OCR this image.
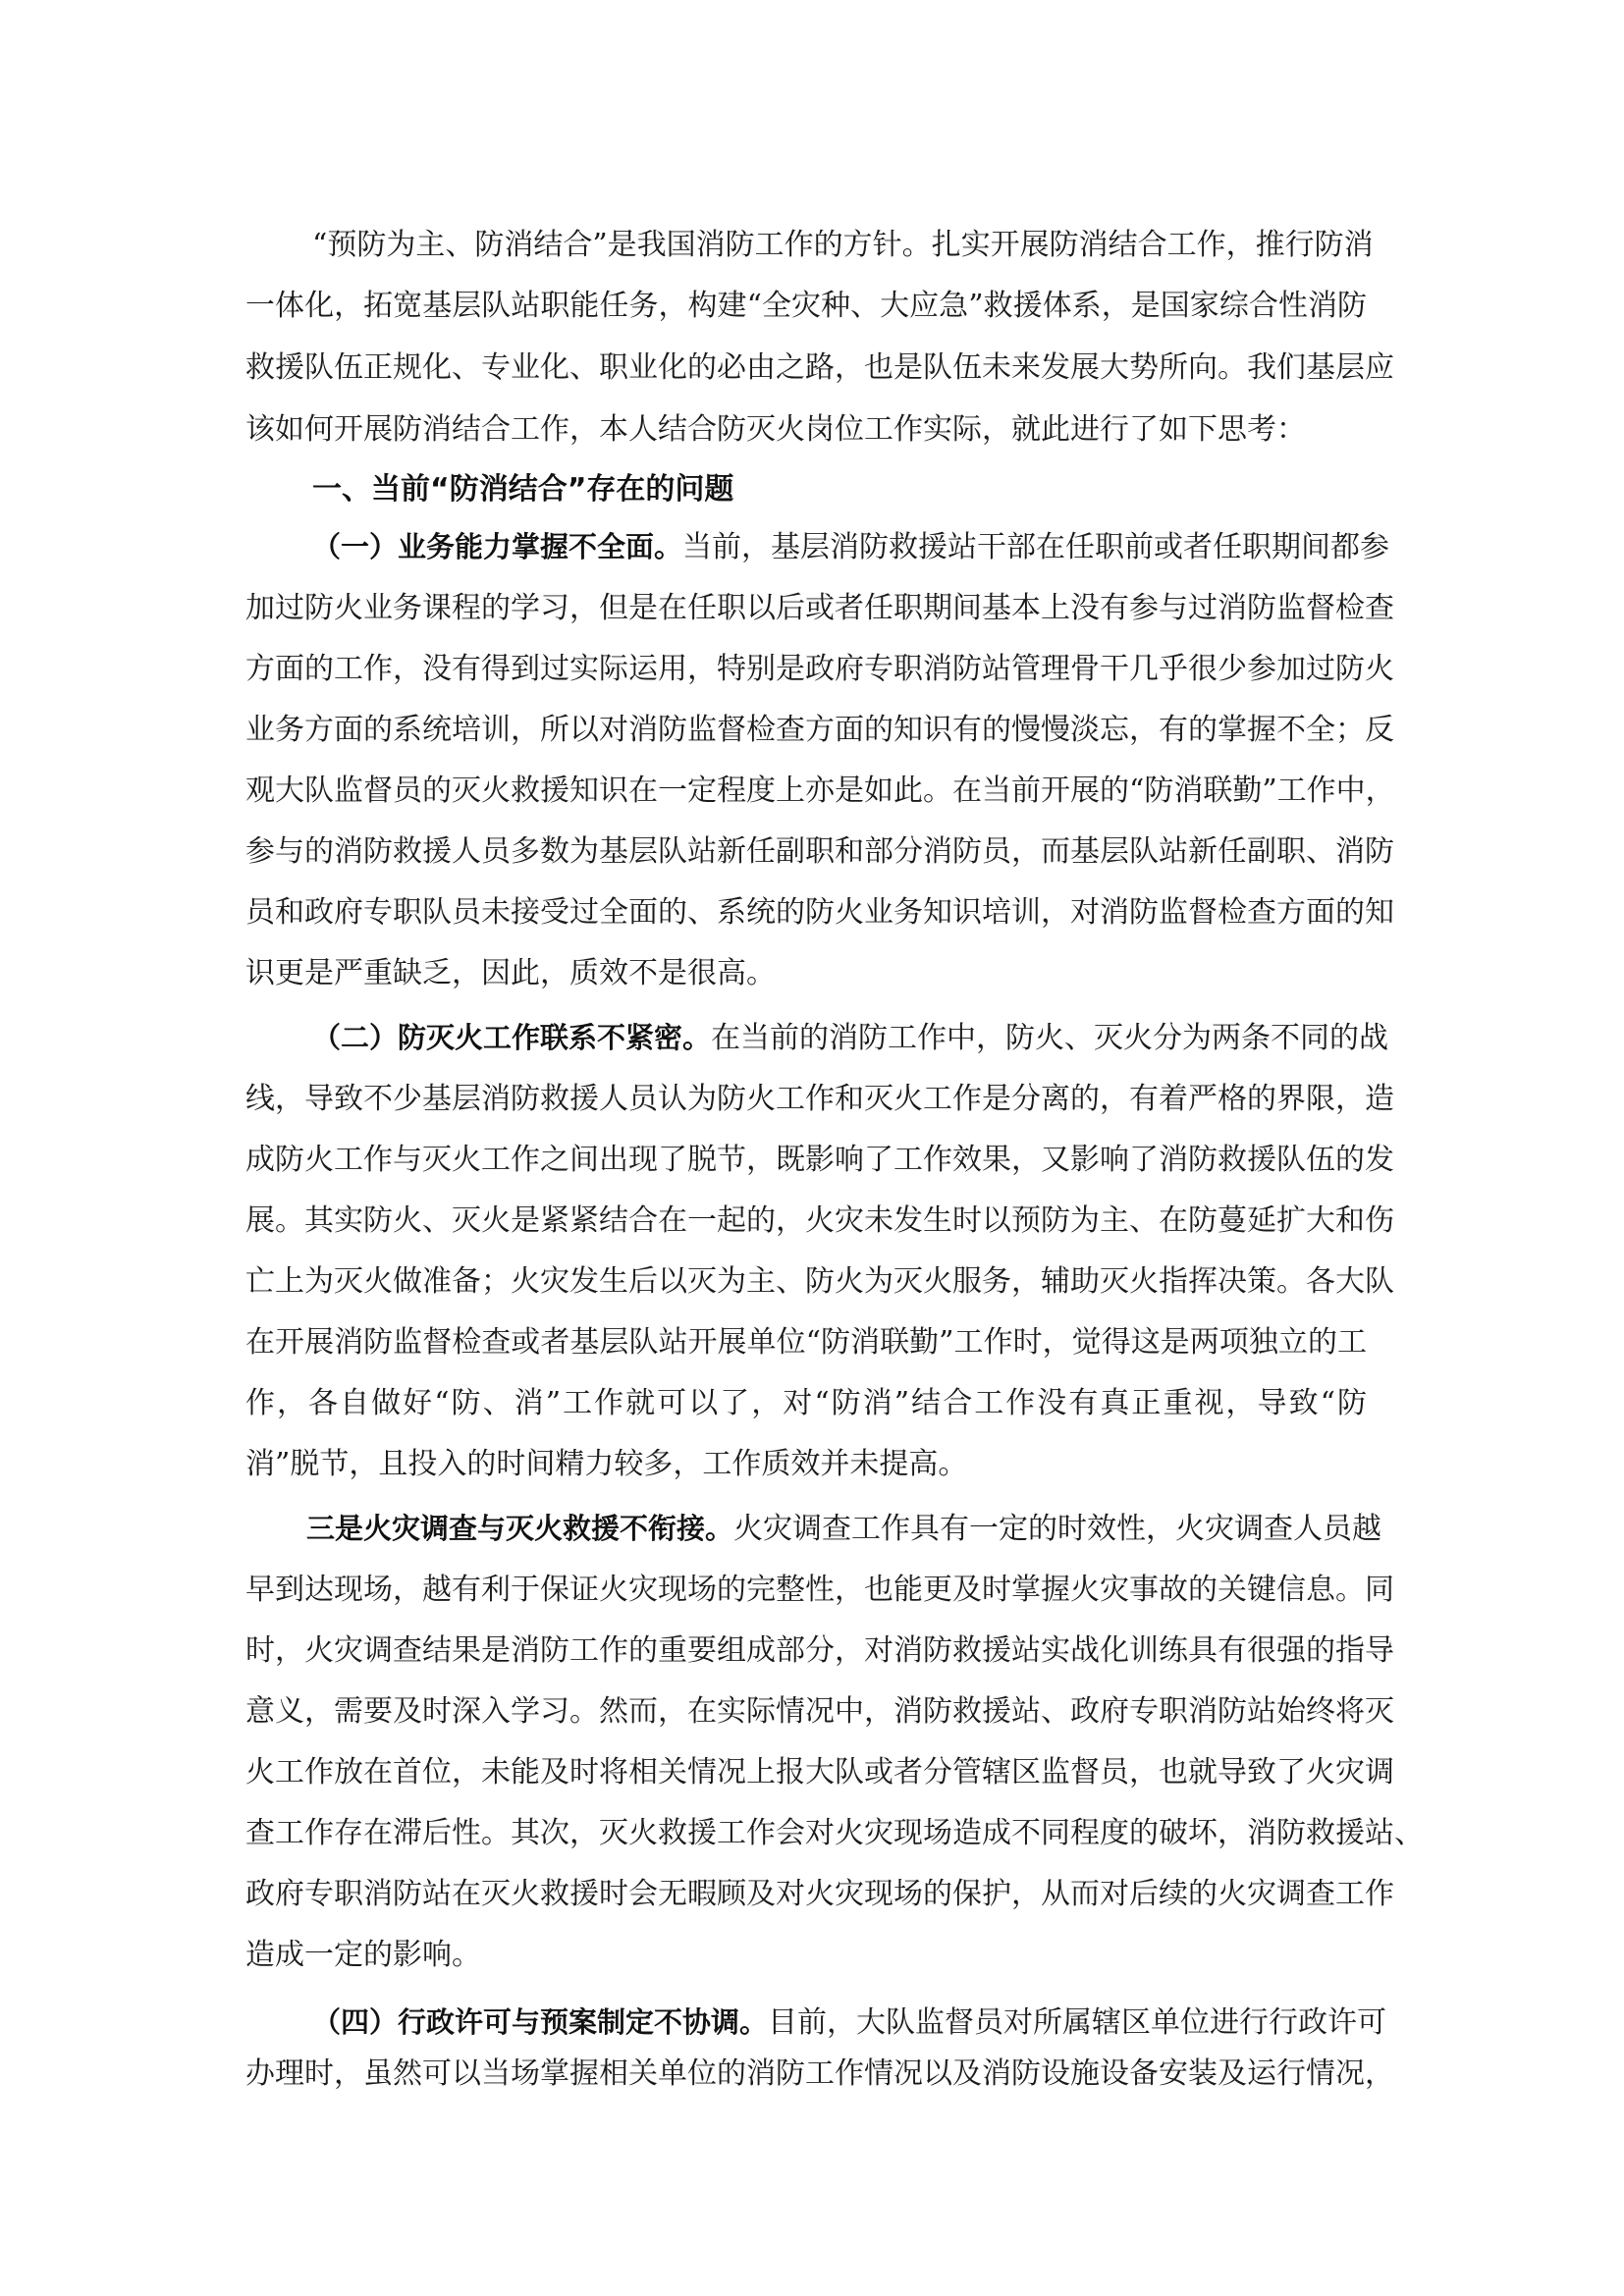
“预防为主、防消结合”是我国消防工作的方针。扎实开展防消结合工作，推行防消
一体化，拓宽基层队站职能任务，构建“全灾种、大应急”救援体系，是国家综合性消防
救援队伍正规化、专业化、职业化的必由之路，也是队伍未来发展大势所向。我们基层应
该如何开展防消结合工作，本人结合防灭火岗位工作实际，就此进行了如下思考：
一、当前“防消结合”存在的问题
（一）业务能力掌握不全面。当前，基层消防救援站干部在任职前或者任职期间都参
加过防火业务课程的学习，但是在任职以后或者任职期间基本上没有参与过消防监督检查
方面的工作，没有得到过实际运用，特别是政府专职消防站管理骨干几乎很少参加过防火
业务方面的系统培训，所以对消防监督检查方面的知识有的慢慢淡忘，有的掌握不全；反
观大队监督员的灭火救援知识在一定程度上亦是如此。在当前开展的“防消联勤”工作中，
参与的消防救援人员多数为基层队站新任副职和部分消防员，而基层队站新任副职、消防
员和政府专职队员未接受过全面的、系统的防火业务知识培训，对消防监督检查方面的知
识更是严重缺乏，因此，质效不是很高。
（二）防灭火工作联系不紧密。在当前的消防工作中，防火、灭火分为两条不同的战
线，导致不少基层消防救援人员认为防火工作和灭火工作是分离的，有着严格的界限，造
成防火工作与灭火工作之间出现了脱节，既影响了工作效果，又影响了消防救援队伍的发
展。其实防火、灭火是紧紧结合在一起的，火灾未发生时以预防为主、在防蔓延扩大和伤
亡上为灭火做准备；火灾发生后以灭为主、防火为灭火服务，辅助灭火指挥决策。各大队
在开展消防监督检查或者基层队站开展单位“防消联勤”工作时，觉得这是两项独立的工
作，各自做好“防、消”工作就可以了，对“防消”结合工作没有真正重视，导致“防
消”脱节，且投入的时间精力较多，工作质效并未提高。
三是火灾调查与灭火救援不衔接。火灾调查工作具有一定的时效性，火灾调查人员越
早到达现场，越有利于保证火灾现场的完整性，也能更及时掌握火灾事故的关键信息。同
时，火灾调查结果是消防工作的重要组成部分，对消防救援站实战化训练具有很强的指导
意义，需要及时深入学习。然而，在实际情况中，消防救援站、政府专职消防站始终将灭
火工作放在首位，未能及时将相关情况上报大队或者分管辖区监督员，也就导致了火灾调
查工作存在滞后性。其次，灭火救援工作会对火灾现场造成不同程度的破坏，消防救援站、
政府专职消防站在灭火救援时会无暇顾及对火灾现场的保护，从而对后续的火灾调查工作
造成一定的影响。
（四）行政许可与预案制定不协调。目前，大队监督员对所属辖区单位进行行政许可
办理时，虽然可以当场掌握相关单位的消防工作情况以及消防设施设备安装及运行情况，
